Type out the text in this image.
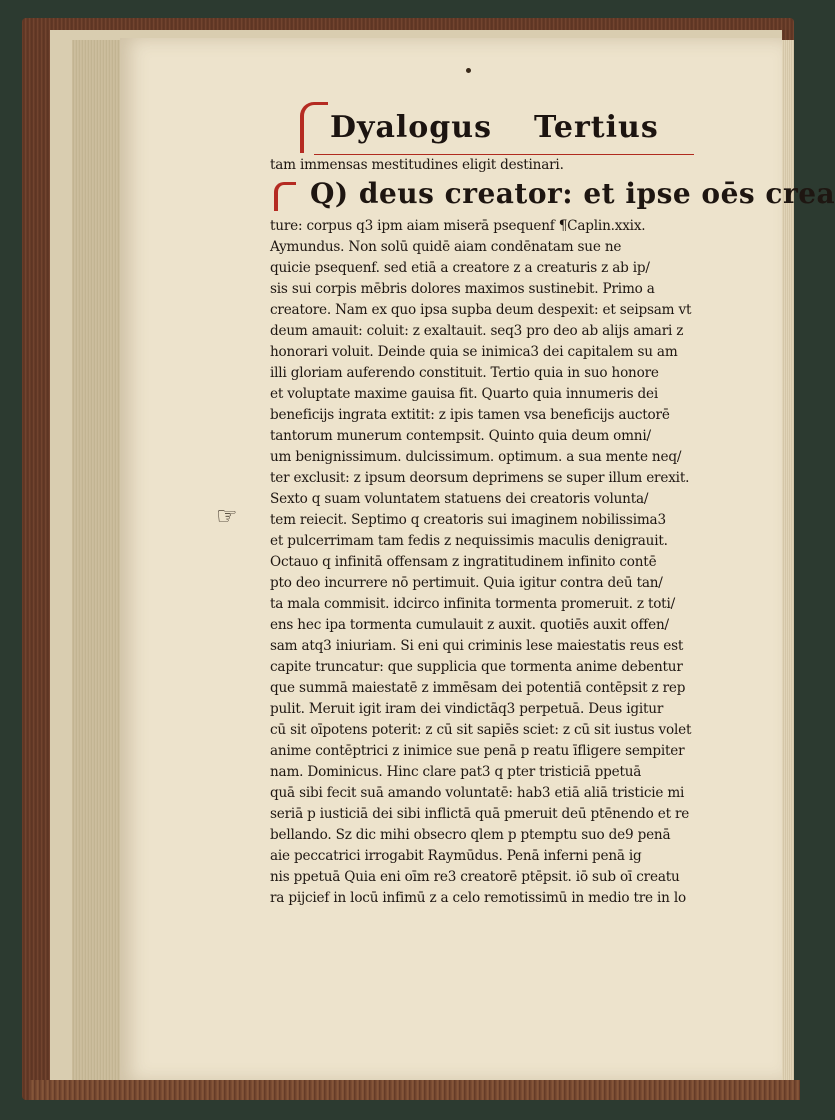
☞
Dyalogus Tertius
tam immensas mestitudines eligit destinari.
Q) deus creator: et ipse oēs crea
ture: corpus q3 ipm aiam miserā psequenf ¶Caplin.xxix.
Aymundus. Non solū quidē aiam condēnatam sue ne
quicie psequenf. sed etiā a creatore z a creaturis z ab ip/
sis sui corpis mēbris dolores maximos sustinebit. Primo a
creatore. Nam ex quo ipsa supba deum despexit: et seipsam vt
deum amauit: coluit: z exaltauit. seq3 pro deo ab alijs amari z
honorari voluit. Deinde quia se inimica3 dei capitalem su am
illi gloriam auferendo constituit. Tertio quia in suo honore
et voluptate maxime gauisa fit. Quarto quia innumeris dei
beneficijs ingrata extitit: z ipis tamen vsa beneficijs auctorē
tantorum munerum contempsit. Quinto quia deum omni/
um benignissimum. dulcissimum. optimum. a sua mente neq/
ter exclusit: z ipsum deorsum deprimens se super illum erexit.
Sexto q suam voluntatem statuens dei creatoris volunta/
tem reiecit. Septimo q creatoris sui imaginem nobilissima3
et pulcerrimam tam fedis z nequissimis maculis denigrauit.
Octauo q infinitā offensam z ingratitudinem infinito contē
pto deo incurrere nō pertimuit. Quia igitur contra deū tan/
ta mala commisit. idcirco infinita tormenta promeruit. z toti/
ens hec ipa tormenta cumulauit z auxit. quotiēs auxit offen/
sam atq3 iniuriam. Si eni qui criminis lese maiestatis reus est
capite truncatur: que supplicia que tormenta anime debentur
que summā maiestatē z immēsam dei potentiā contēpsit z rep
pulit. Meruit igit iram dei vindictāq3 perpetuā. Deus igitur
cū sit oīpotens poterit: z cū sit sapiēs sciet: z cū sit iustus volet
anime contēptrici z inimice sue penā p reatu īfligere sempiter
nam. Dominicus. Hinc clare pat3 q pter tristiciā ppetuā
quā sibi fecit suā amando voluntatē: hab3 etiā aliā tristicie mi
seriā p iusticiā dei sibi inflictā quā pmeruit deū ptēnendo et re
bellando. Sz dic mihi obsecro qlem p ptemptu suo de9 penā
aie peccatrici irrogabit Raymūdus. Penā inferni penā ig
nis ppetuā Quia eni oīm re3 creatorē ptēpsit. iō sub oī creatu
ra pijcief in locū infimū z a celo remotissimū in medio tre in lo
